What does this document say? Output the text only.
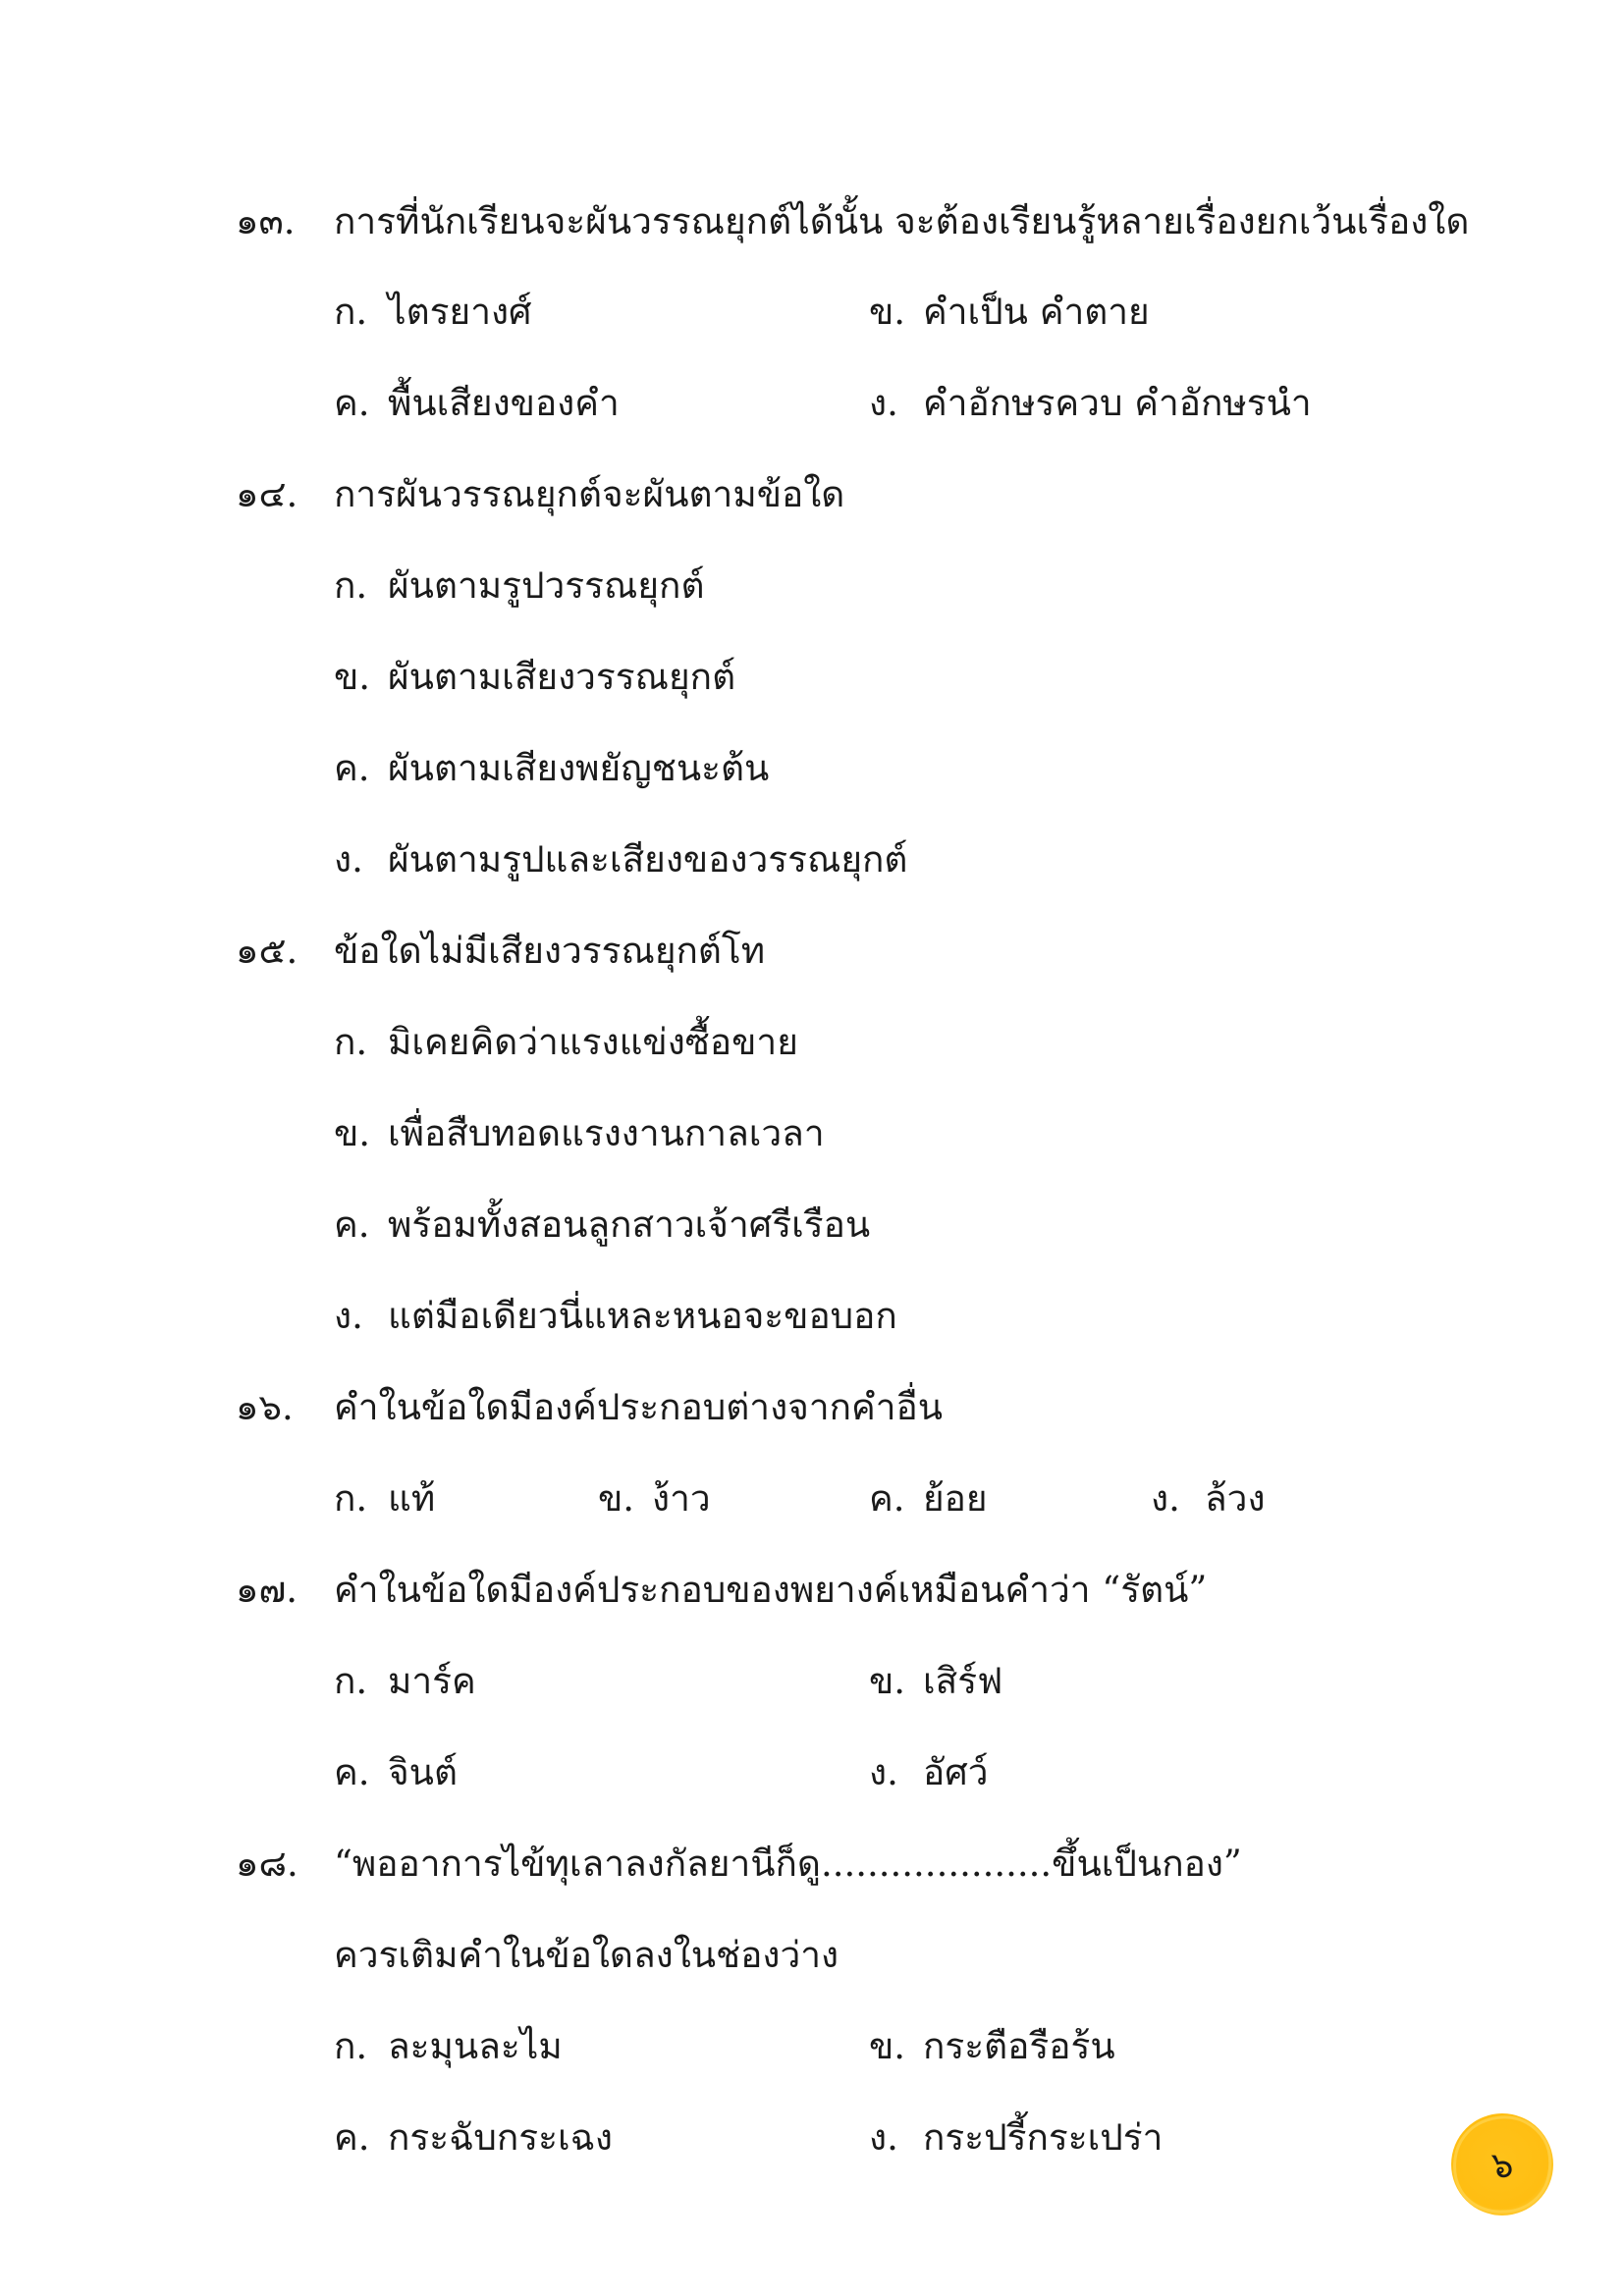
๑๓.	การที่นักเรียนจะผันวรรณยุกต์ได้นั้น จะต้องเรียนรู้หลายเรื่องยกเว้นเรื่องใด
ก. ไตรยางศ์	ข. คำเป็น คำตาย
ค. พื้นเสียงของคำ	ง. คำอักษรควบ คำอักษรนำ
๑๔. การผันวรรณยุกต์จะผันตามข้อใด
ก. ผันตามรูปวรรณยุกต์
ข. ผันตามเสียงวรรณยุกต์
ค. ผันตามเสียงพยัญชนะต้น
ง. ผันตามรูปและเสียงของวรรณยุกต์
๑๕. ข้อใดไม่มีเสียงวรรณยุกต์โท
ก. มิเคยคิดว่าแรงแข่งซื้อขาย
ข. เพื่อสืบทอดแรงงานกาลเวลา
ค. พร้อมทั้งสอนลูกสาวเจ้าศรีเรือน
ง. แต่มือเดียวนี่แหละหนอจะขอบอก
๑๖.	คำในข้อใดมีองค์ประกอบต่างจากคำอื่น
ก. แท้	ข. ง้าว	ค. ย้อย	ง. ล้วง
๑๗. คำในข้อใดมีองค์ประกอบของพยางค์เหมือนคำว่า “รัตน์”
ก. มาร์ค	ข. เสิร์ฟ
ค. จินต์	ง. อัศว์
๑๘. “พออาการไข้ทุเลาลงกัลยานีก็ดู....................ขึ้นเป็นกอง”
ควรเติมคำในข้อใดลงในช่องว่าง
ก. ละมุนละไม	ข. กระตือรือร้น
ค. กระฉับกระเฉง	ง. กระปรี้กระเปร่า
๖
